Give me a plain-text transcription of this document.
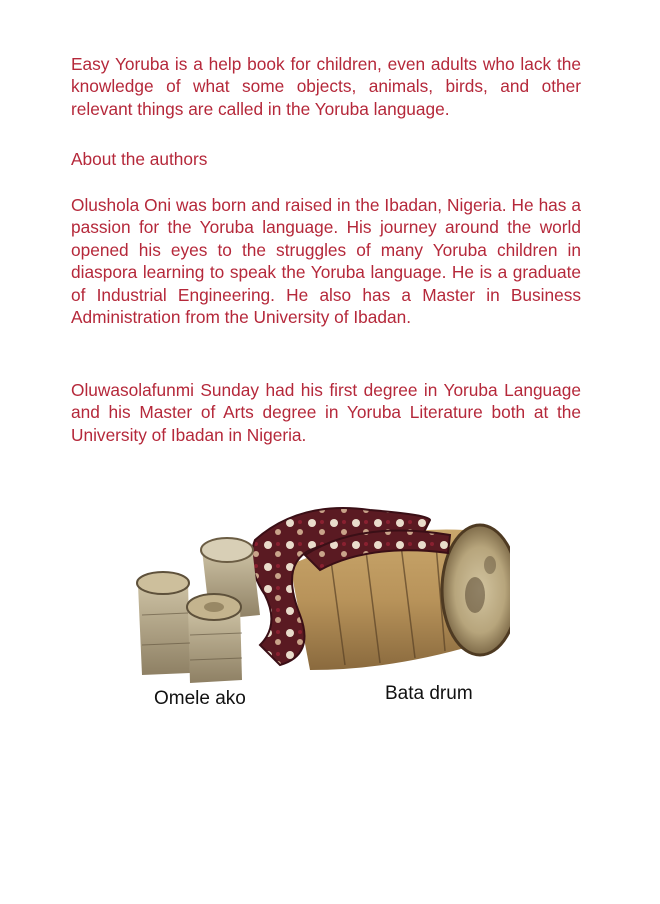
Easy Yoruba is a help book for children, even adults who lack the knowledge of what some objects, animals, birds, and other relevant things are called in the Yoruba language.

About the authors

Olushola Oni was born and raised in the Ibadan, Nigeria. He has a passion for the Yoruba language. His journey around the world opened his eyes to the struggles of many Yoruba children in diaspora learning to speak the Yoruba language. He is a graduate of Industrial Engineering. He also has a Master in Business Administration from the University of Ibadan.

Oluwasolafunmi Sunday had his first degree in Yoruba Language and his Master of Arts degree in Yoruba Literature both at the University of Ibadan in Nigeria.

Omele ako	Bata drum
